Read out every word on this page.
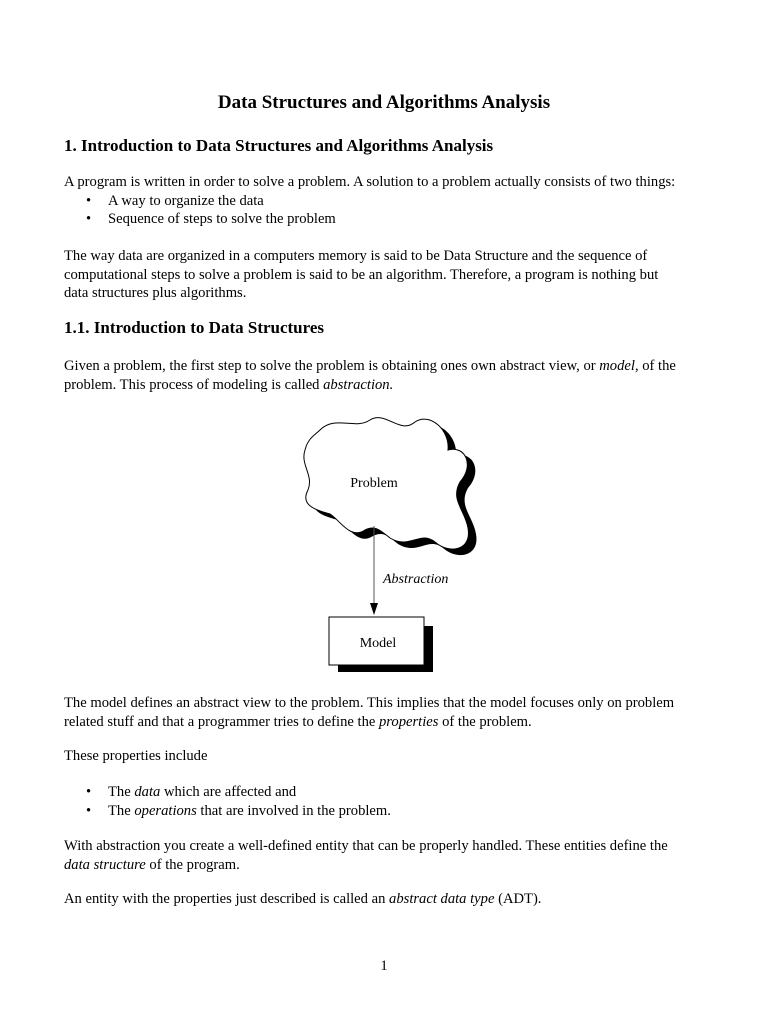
Data Structures and Algorithms Analysis
1. Introduction to Data Structures and Algorithms Analysis
A program is written in order to solve a problem. A solution to a problem actually consists of two things:
• A way to organize the data
• Sequence of steps to solve the problem
The way data are organized in a computers memory is said to be Data Structure and the sequence of
computational steps to solve a problem is said to be an algorithm. Therefore, a program is nothing but
data structures plus algorithms.
1.1. Introduction to Data Structures
Given a problem, the first step to solve the problem is obtaining ones own abstract view, or model, of the
problem. This process of modeling is called abstraction.
Problem
Abstraction
Model
The model defines an abstract view to the problem. This implies that the model focuses only on problem
related stuff and that a programmer tries to define the properties of the problem.
These properties include
• The data which are affected and
• The operations that are involved in the problem.
With abstraction you create a well-defined entity that can be properly handled. These entities define the
data structure of the program.
An entity with the properties just described is called an abstract data type (ADT).
1
